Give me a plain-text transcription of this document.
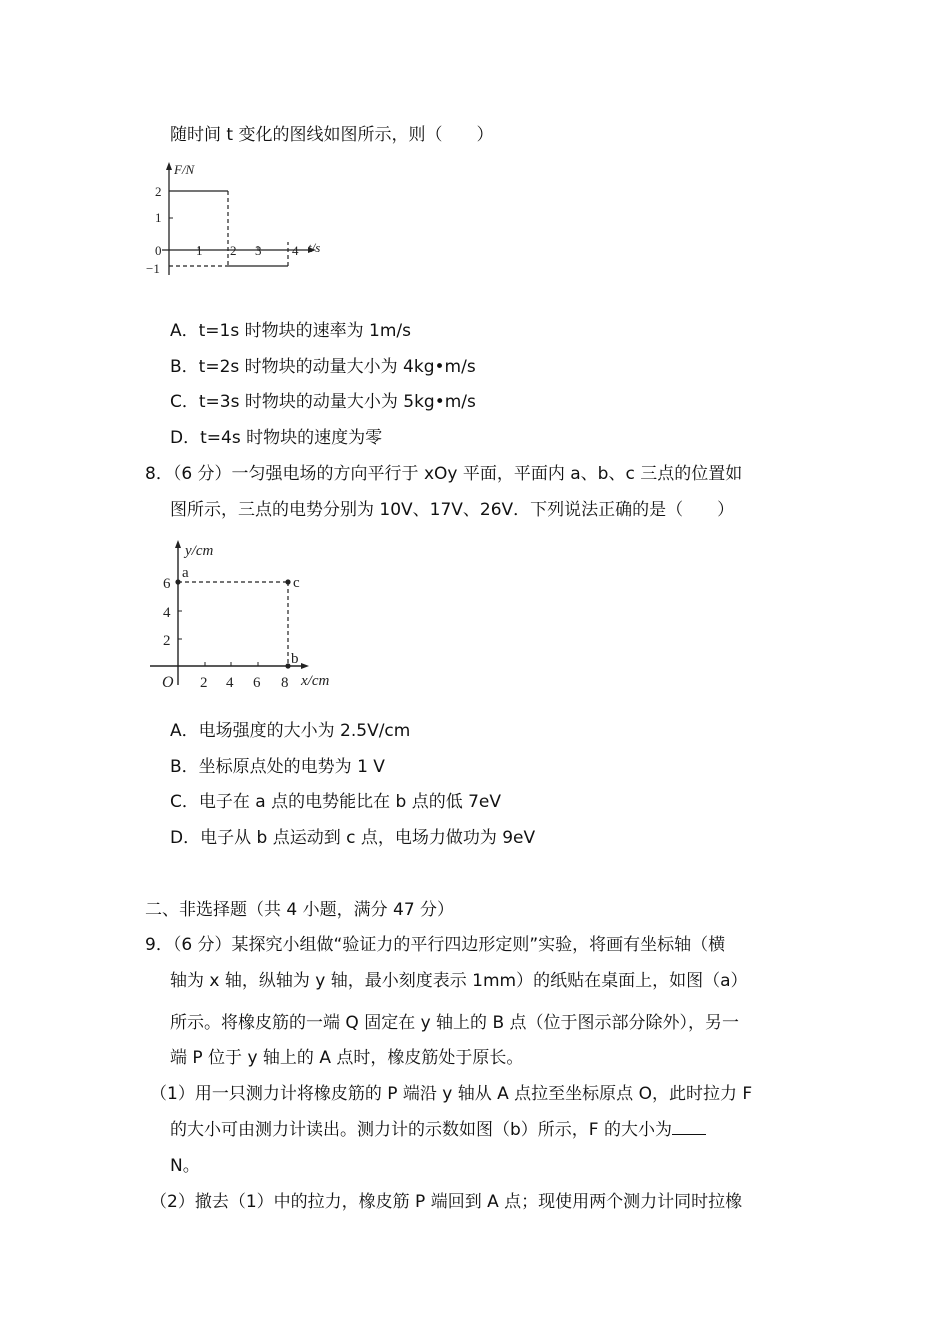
随时间 t 变化的图线如图所示，则（　　）
F/N
t/s
2
1
0
−1
1 2 3 4
A．t=1s 时物块的速率为 1m/s
B．t=2s 时物块的动量大小为 4kg•m/s
C．t=3s 时物块的动量大小为 5kg•m/s
D．t=4s 时物块的速度为零
8．（6 分）一匀强电场的方向平行于 xOy 平面，平面内 a、b、c 三点的位置如
图所示，三点的电势分别为 10V、17V、26V．下列说法正确的是（　　）
y/cm
x/cm
O
2
4
6
2 4 6 8
a
c
b
A．电场强度的大小为 2.5V/cm
B．坐标原点处的电势为 1 V
C．电子在 a 点的电势能比在 b 点的低 7eV
D．电子从 b 点运动到 c 点，电场力做功为 9eV
二、非选择题（共 4 小题，满分 47 分）
9．（6 分）某探究小组做“验证力的平行四边形定则”实验，将画有坐标轴（横
轴为 x 轴，纵轴为 y 轴，最小刻度表示 1mm）的纸贴在桌面上，如图（a）
所示。将橡皮筋的一端 Q 固定在 y 轴上的 B 点（位于图示部分除外），另一
端 P 位于 y 轴上的 A 点时，橡皮筋处于原长。
（1）用一只测力计将橡皮筋的 P 端沿 y 轴从 A 点拉至坐标原点 O，此时拉力 F
的大小可由测力计读出。测力计的示数如图（b）所示，F 的大小为
N。
（2）撤去（1）中的拉力，橡皮筋 P 端回到 A 点；现使用两个测力计同时拉橡
